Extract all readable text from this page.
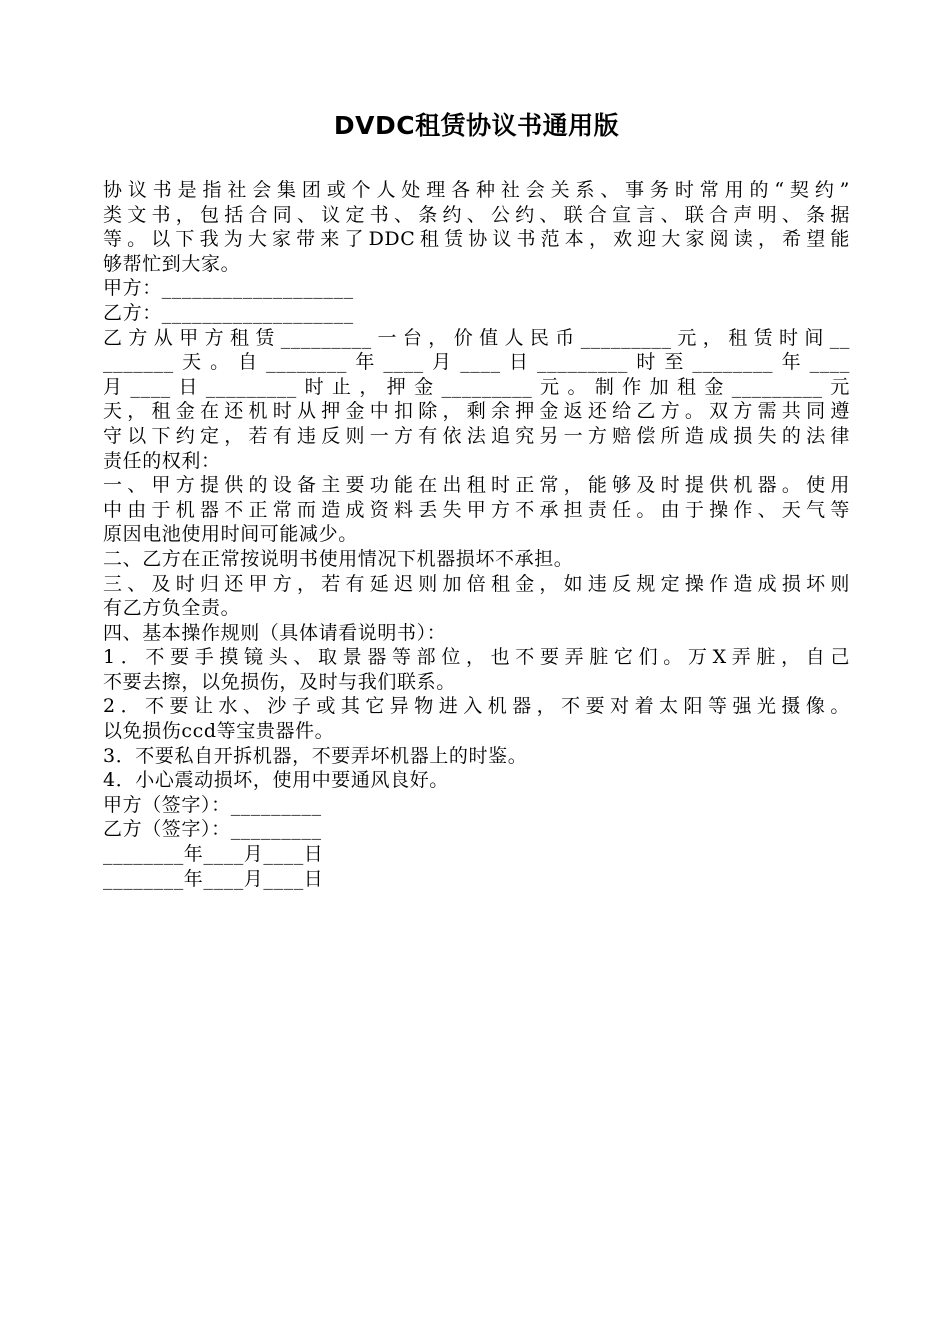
DVDC租赁协议书通用版
协议书是指社会集团或个人处理各种社会关系、事务时常用的“契约”
类文书，包括合同、议定书、条约、公约、联合宣言、联合声明、条据
等。以下我为大家带来了DDC租赁协议书范本，欢迎大家阅读，希望能
够帮忙到大家。
甲方：___________________
乙方：___________________
乙方从甲方租赁_________一台，价值人民币_________元，租赁时间__
_______天。自________年____月____日_________时至________年____
月____日_________时止，押金_________元。制作加租金_________元
天，租金在还机时从押金中扣除，剩余押金返还给乙方。双方需共同遵
守以下约定，若有违反则一方有依法追究另一方赔偿所造成损失的法律
责任的权利：
一、甲方提供的设备主要功能在出租时正常，能够及时提供机器。使用
中由于机器不正常而造成资料丢失甲方不承担责任。由于操作、天气等
原因电池使用时间可能减少。
二、乙方在正常按说明书使用情况下机器损坏不承担。
三、及时归还甲方，若有延迟则加倍租金，如违反规定操作造成损坏则
有乙方负全责。
四、基本操作规则（具体请看说明书）：
1．不要手摸镜头、取景器等部位，也不要弄脏它们。万X弄脏，自己
不要去擦，以免损伤，及时与我们联系。
2．不要让水、沙子或其它异物进入机器，不要对着太阳等强光摄像。
以免损伤ccd等宝贵器件。
3．不要私自开拆机器，不要弄坏机器上的时鉴。
4．小心震动损坏，使用中要通风良好。
甲方（签字）：_________
乙方（签字）：_________
________年____月____日
________年____月____日
